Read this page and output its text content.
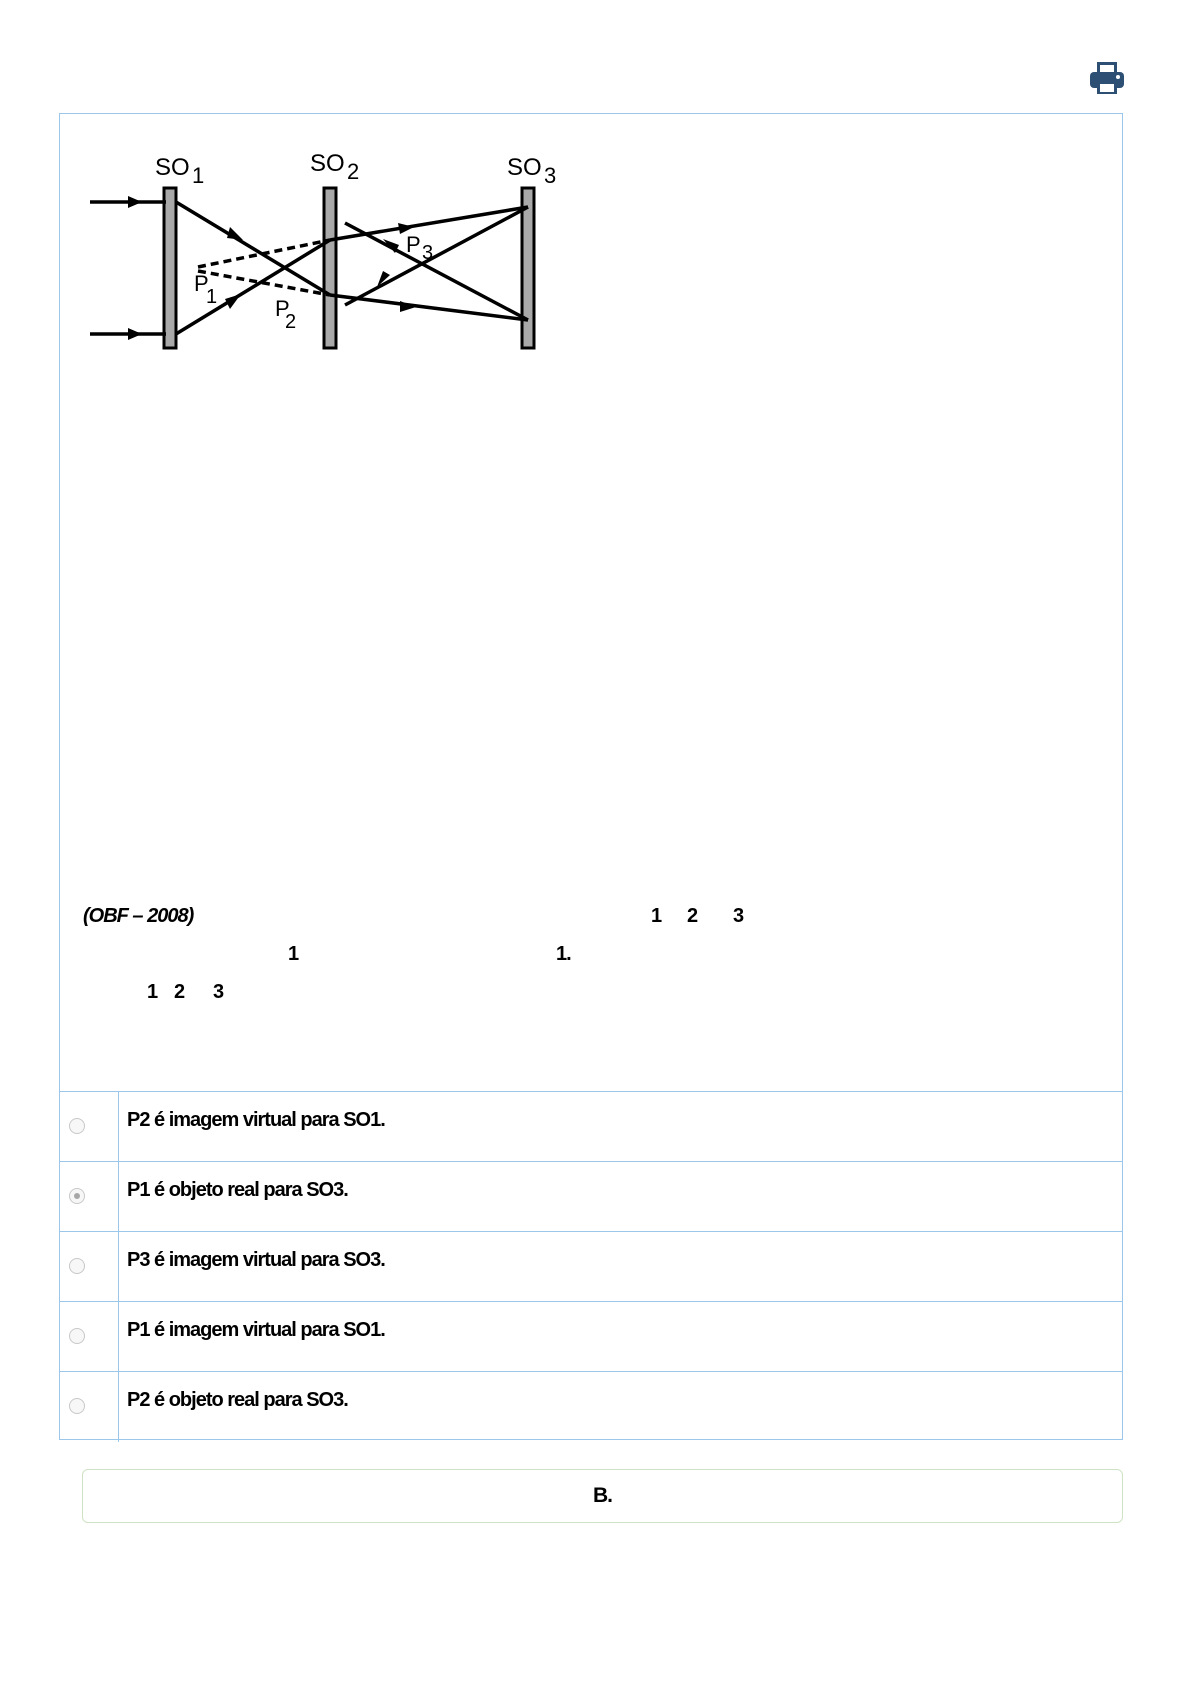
SO 1	SO 2	SO 3
P
1	P
2
P 3
(OBF – 2008)	1 2 3
1	1.
1 2 3
P2 é imagem virtual para SO1.
P1 é objeto real para SO3.
P3 é imagem virtual para SO3.
P1 é imagem virtual para SO1.
P2 é objeto real para SO3.
B.
